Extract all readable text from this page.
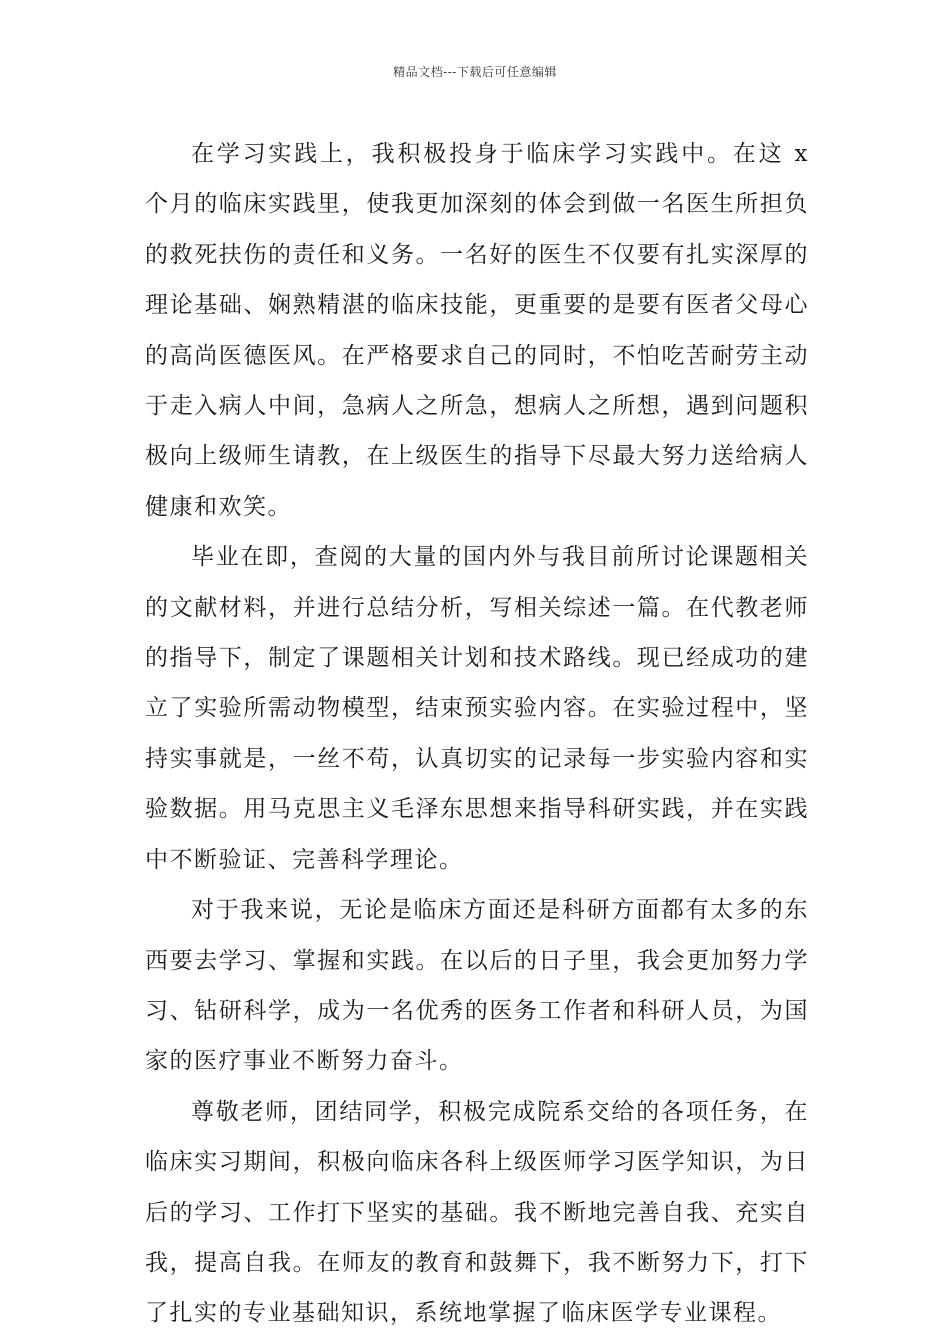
精品文档---下载后可任意编辑

在学习实践上，我积极投身于临床学习实践中。在这 x 个月的临床实践里，使我更加深刻的体会到做一名医生所担负的救死扶伤的责任和义务。一名好的医生不仅要有扎实深厚的理论基础、娴熟精湛的临床技能，更重要的是要有医者父母心的高尚医德医风。在严格要求自己的同时，不怕吃苦耐劳主动于走入病人中间，急病人之所急，想病人之所想，遇到问题积极向上级师生请教，在上级医生的指导下尽最大努力送给病人健康和欢笑。

毕业在即，查阅的大量的国内外与我目前所讨论课题相关的文献材料，并进行总结分析，写相关综述一篇。在代教老师的指导下，制定了课题相关计划和技术路线。现已经成功的建立了实验所需动物模型，结束预实验内容。在实验过程中，坚持实事就是，一丝不苟，认真切实的记录每一步实验内容和实验数据。用马克思主义毛泽东思想来指导科研实践，并在实践中不断验证、完善科学理论。

对于我来说，无论是临床方面还是科研方面都有太多的东西要去学习、掌握和实践。在以后的日子里，我会更加努力学习、钻研科学，成为一名优秀的医务工作者和科研人员，为国家的医疗事业不断努力奋斗。

尊敬老师，团结同学，积极完成院系交给的各项任务，在临床实习期间，积极向临床各科上级医师学习医学知识，为日后的学习、工作打下坚实的基础。我不断地完善自我、充实自我，提高自我。在师友的教育和鼓舞下，我不断努力下，打下了扎实的专业基础知识，系统地掌握了临床医学专业课程。
